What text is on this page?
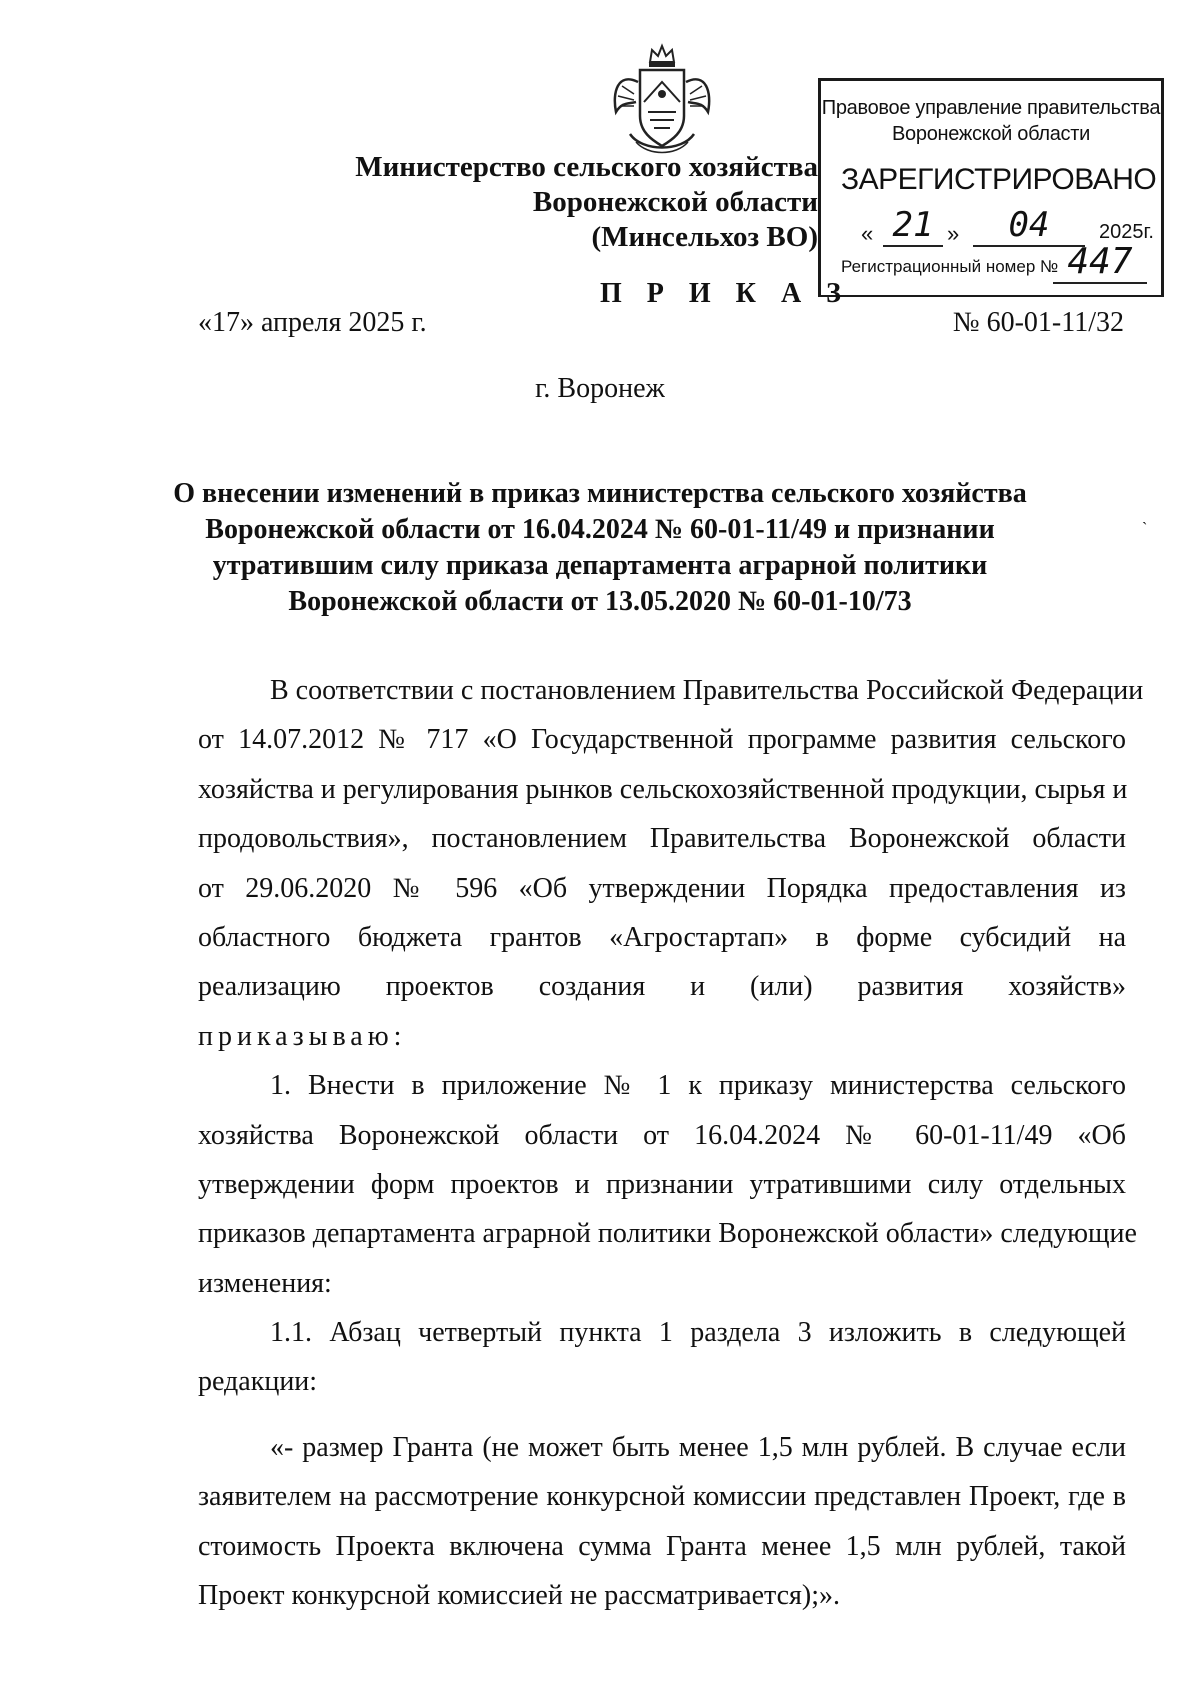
Министерство сельского хозяйства
Воронежской области
(Минсельхоз ВО)
Правовое управление правительства
Воронежской области
ЗАРЕГИСТРИРОВАНО
« 21 »	04	2025г.
Регистрационный номер № 447
П Р И К А З
«17» апреля 2025 г.	№ 60-01-11/32
г. Воронеж
О внесении изменений в приказ министерства сельского хозяйства
Воронежской области от 16.04.2024 № 60-01-11/49 и признании
утратившим силу приказа департамента аграрной политики
Воронежской области от 13.05.2020 № 60-01-10/73
`
В соответствии с постановлением Правительства Российской Федерации
от 14.07.2012 № 717 «О Государственной программе развития сельского
хозяйства и регулирования рынков сельскохозяйственной продукции, сырья и
продовольствия», постановлением Правительства Воронежской области
от 29.06.2020 № 596 «Об утверждении Порядка предоставления из
областного бюджета грантов «Агростартап» в форме субсидий на
реализацию проектов создания и (или) развития хозяйств»
приказываю:
1. Внести в приложение № 1 к приказу министерства сельского
хозяйства Воронежской области от 16.04.2024 № 60-01-11/49 «Об
утверждении форм проектов и признании утратившими силу отдельных
приказов департамента аграрной политики Воронежской области» следующие
изменения:
1.1. Абзац четвертый пункта 1 раздела 3 изложить в следующей
редакции:
«- размер Гранта (не может быть менее 1,5 млн рублей. В случае если
заявителем на рассмотрение конкурсной комиссии представлен Проект, где в
стоимость Проекта включена сумма Гранта менее 1,5 млн рублей, такой
Проект конкурсной комиссией не рассматривается);».
